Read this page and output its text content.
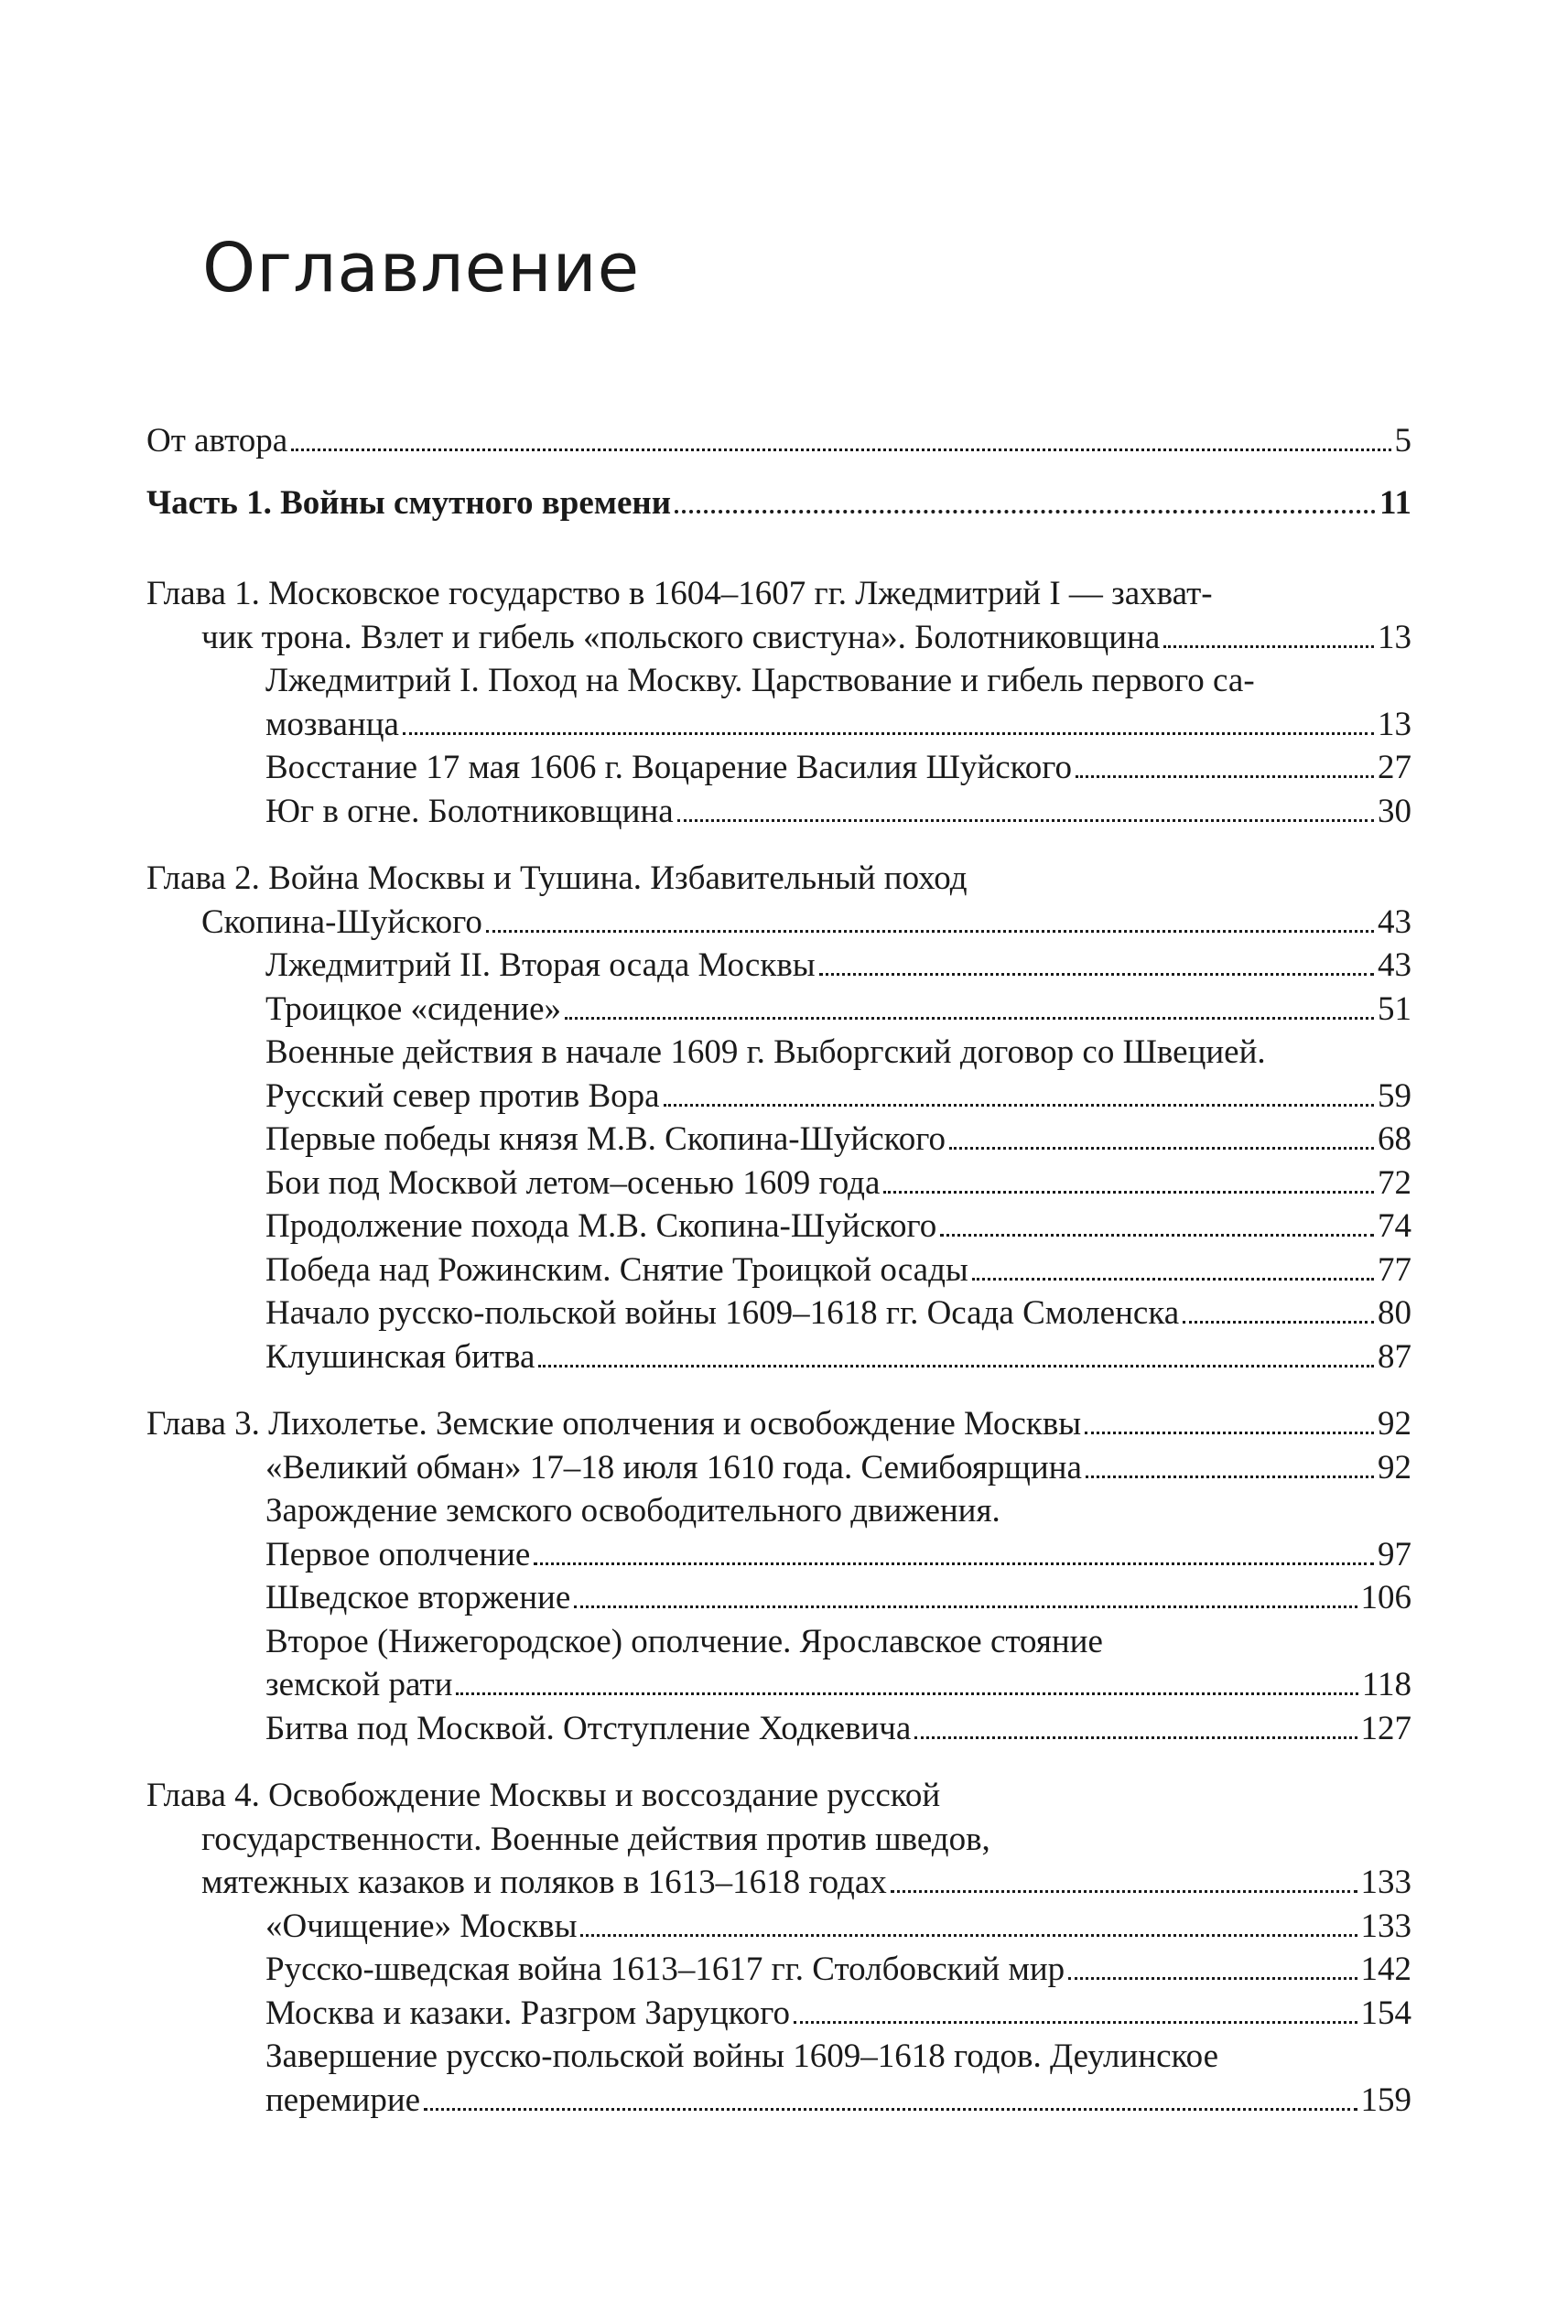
Оглавление
От автора	5
Часть 1. Войны смутного времени	11
Глава 1. Московское государство в 1604–1607 гг. Лжедмитрий I — захват-
чик трона. Взлет и гибель «польского свистуна». Болотниковщина	13
Лжедмитрий I. Поход на Москву. Царствование и гибель первого са-
мозванца	13
Восстание 17 мая 1606 г. Воцарение Василия Шуйского	27
Юг в огне. Болотниковщина	30
Глава 2. Война Москвы и Тушина. Избавительный поход
Скопина-Шуйского	43
Лжедмитрий II. Вторая осада Москвы	43
Троицкое «сидение»	51
Военные действия в начале 1609 г. Выборгский договор со Швецией.
Русский север против Вора	59
Первые победы князя М.В. Скопина-Шуйского	68
Бои под Москвой летом–осенью 1609 года	72
Продолжение похода М.В. Скопина-Шуйского	74
Победа над Рожинским. Снятие Троицкой осады	77
Начало русско-польской войны 1609–1618 гг. Осада Смоленска	80
Клушинская битва	87
Глава 3. Лихолетье. Земские ополчения и освобождение Москвы	92
«Великий обман» 17–18 июля 1610 года. Семибоярщина	92
Зарождение земского освободительного движения.
Первое ополчение	97
Шведское вторжение	106
Второе (Нижегородское) ополчение. Ярославское стояние
земской рати	118
Битва под Москвой. Отступление Ходкевича	127
Глава 4. Освобождение Москвы и воссоздание русской
государственности. Военные действия против шведов,
мятежных казаков и поляков в 1613–1618 годах	133
«Очищение» Москвы	133
Русско-шведская война 1613–1617 гг. Столбовский мир	142
Москва и казаки. Разгром Заруцкого	154
Завершение русско-польской войны 1609–1618 годов. Деулинское
перемирие	159
